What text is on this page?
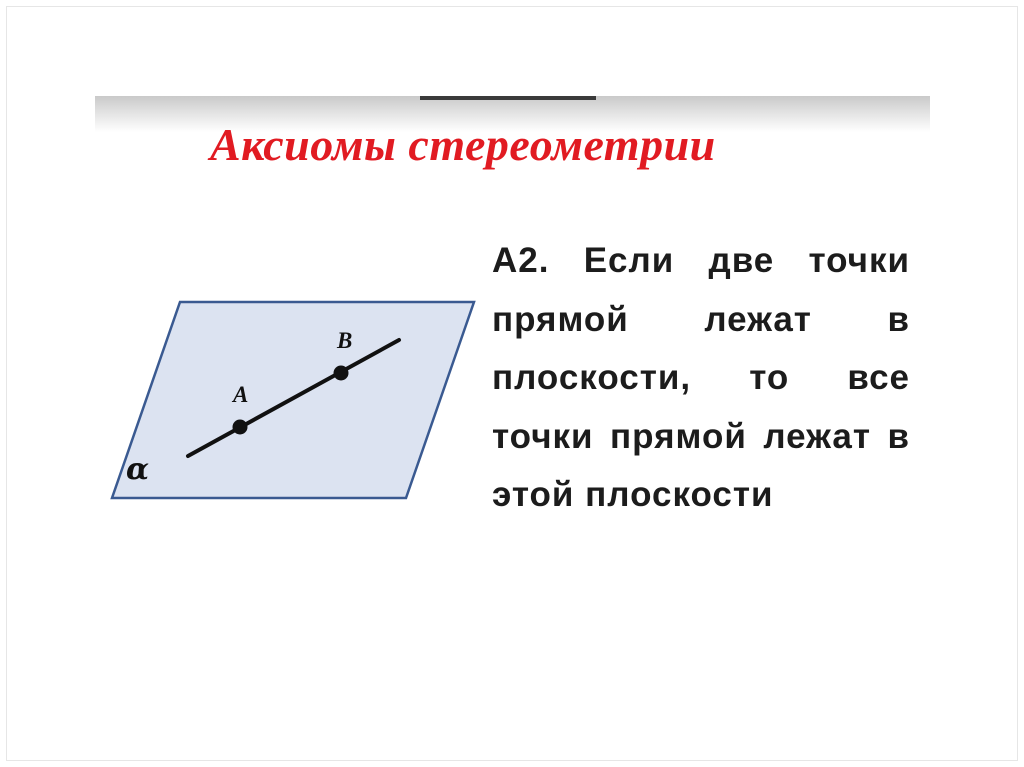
Аксиомы стереометрии
A
B
α
А2. Если две точки прямой лежат в плоскости, то все точки прямой лежат в этой плоскости
